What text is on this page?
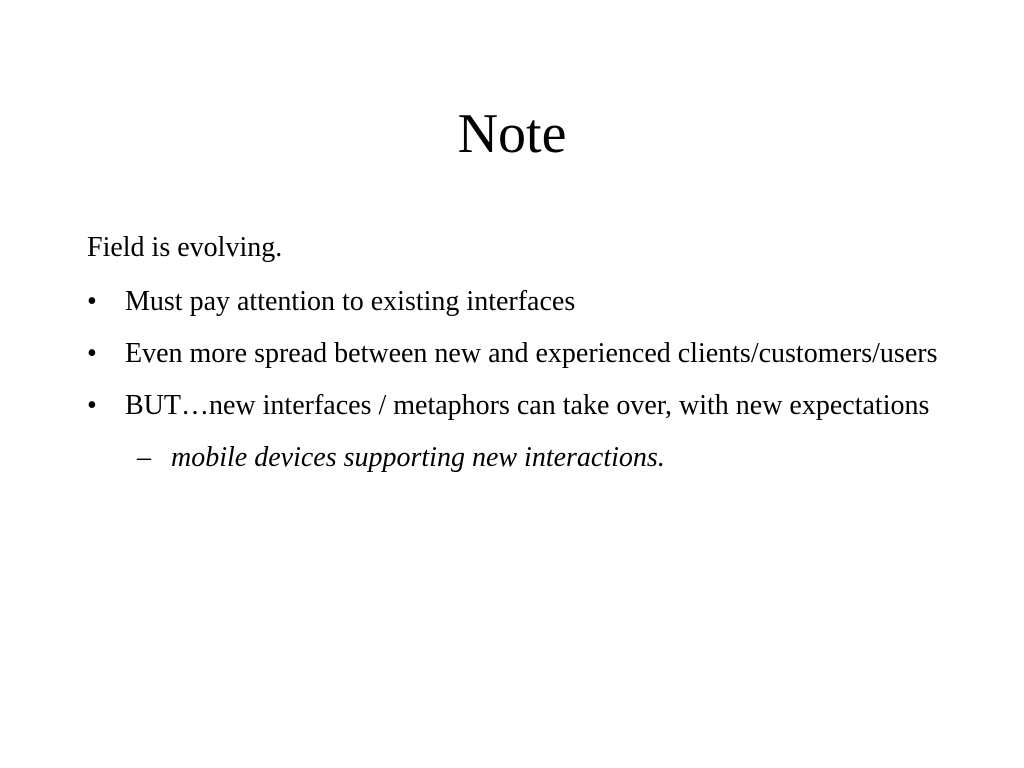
Note

Field is evolving.

• Must pay attention to existing interfaces
• Even more spread between new and experienced clients/customers/users
• BUT…new interfaces / metaphors can take over, with new expectations
– mobile devices supporting new interactions.
